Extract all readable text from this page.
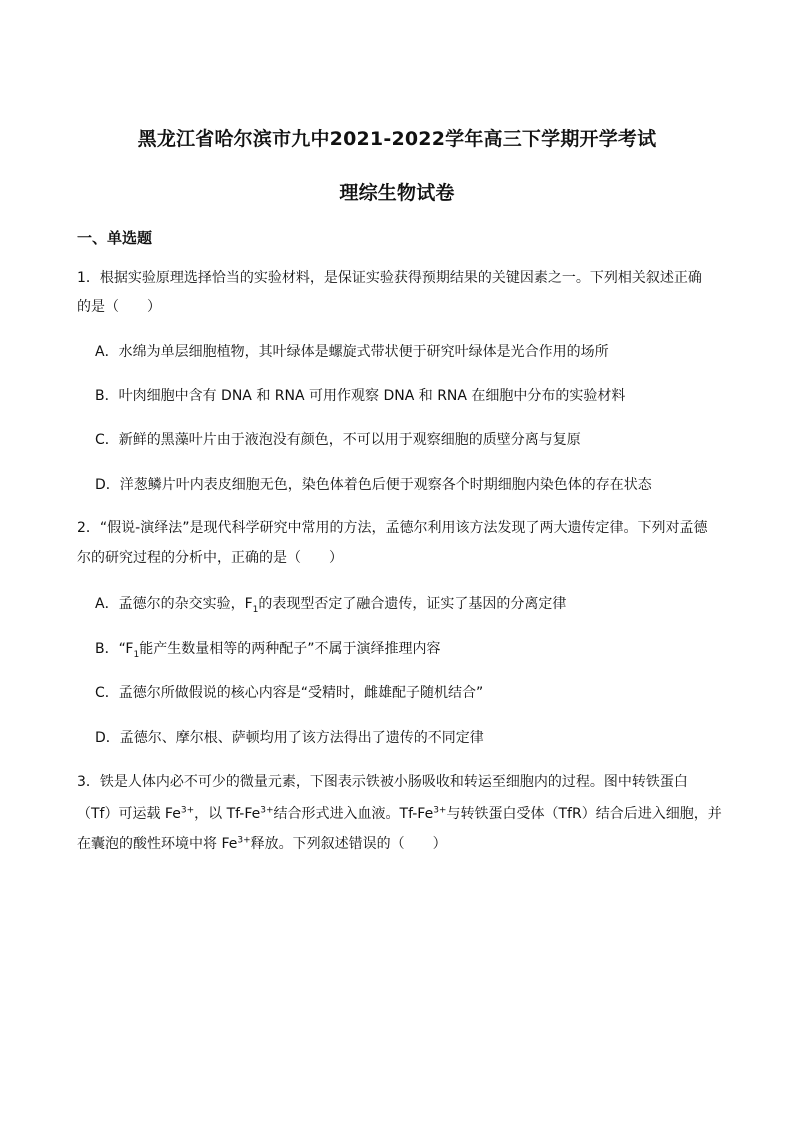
黑龙江省哈尔滨市九中2021-2022学年高三下学期开学考试
理综生物试卷
一、单选题
1．根据实验原理选择恰当的实验材料，是保证实验获得预期结果的关键因素之一。下列相关叙述正确
的是（　　）
A．水绵为单层细胞植物，其叶绿体是螺旋式带状便于研究叶绿体是光合作用的场所
B．叶肉细胞中含有 DNA 和 RNA 可用作观察 DNA 和 RNA 在细胞中分布的实验材料
C．新鲜的黑藻叶片由于液泡没有颜色，不可以用于观察细胞的质壁分离与复原
D．洋葱鳞片叶内表皮细胞无色，染色体着色后便于观察各个时期细胞内染色体的存在状态
2．“假说-演绎法”是现代科学研究中常用的方法，孟德尔利用该方法发现了两大遗传定律。下列对孟德
尔的研究过程的分析中，正确的是（　　）
A．孟德尔的杂交实验，$F_1$的表现型否定了融合遗传，证实了基因的分离定律
B．“$F_1$能产生数量相等的两种配子”不属于演绎推理内容
C．孟德尔所做假说的核心内容是“受精时，雌雄配子随机结合”
D．孟德尔、摩尔根、萨顿均用了该方法得出了遗传的不同定律
3．铁是人体内必不可少的微量元素，下图表示铁被小肠吸收和转运至细胞内的过程。图中转铁蛋白
（Tf）可运载 $Fe^{3+}$，以 $Tf-Fe^{3+}$结合形式进入血液。$Tf-Fe^{3+}$与转铁蛋白受体（TfR）结合后进入细胞，并
在囊泡的酸性环境中将 $Fe^{3+}$释放。下列叙述错误的（　　）
